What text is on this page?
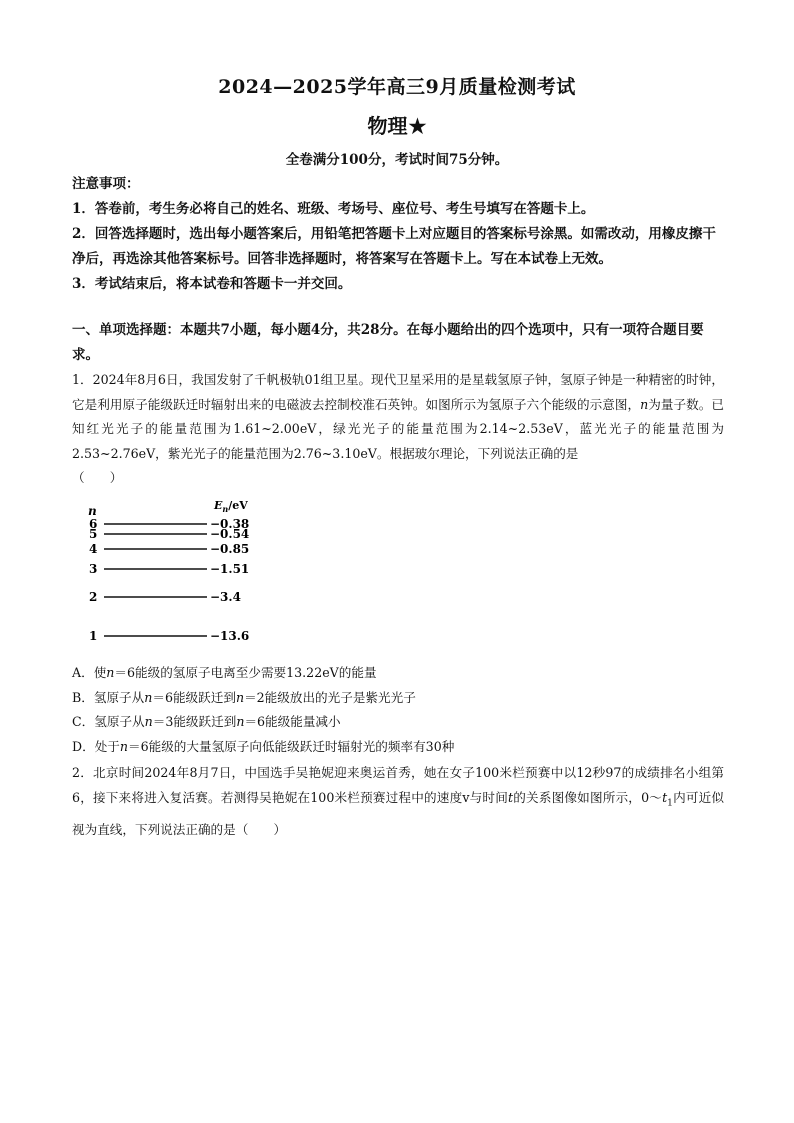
2024—2025学年高三9月质量检测考试
物理★
全卷满分100分，考试时间75分钟。
注意事项：
1．答卷前，考生务必将自己的姓名、班级、考场号、座位号、考生号填写在答题卡上。
2．回答选择题时，选出每小题答案后，用铅笔把答题卡上对应题目的答案标号涂黑。如需改动，用橡皮擦干净后，再选涂其他答案标号。回答非选择题时，将答案写在答题卡上。写在本试卷上无效。
3．考试结束后，将本试卷和答题卡一并交回。
一、单项选择题：本题共7小题，每小题4分，共28分。在每小题给出的四个选项中，只有一项符合题目要求。
1．2024年8月6日，我国发射了千帆极轨01组卫星。现代卫星采用的是星载氢原子钟，氢原子钟是一种精密的时钟，它是利用原子能级跃迁时辐射出来的电磁波去控制校准石英钟。如图所示为氢原子六个能级的示意图，n为量子数。已知红光光子的能量范围为1.61~2.00eV，绿光光子的能量范围为2.14~2.53eV，蓝光光子的能量范围为2.53~2.76eV，紫光光子的能量范围为2.76~3.10eV。根据玻尔理论，下列说法正确的是
（　　）
n	$E_n/eV$
6	−0.38
5	−0.54
4	−0.85
3	−1.51
2	−3.4
1	−13.6
A．使n＝6能级的氢原子电离至少需要13.22eV的能量
B．氢原子从n＝6能级跃迁到n＝2能级放出的光子是紫光光子
C．氢原子从n＝3能级跃迁到n＝6能级能量减小
D．处于n＝6能级的大量氢原子向低能级跃迁时辐射光的频率有30种
2．北京时间2024年8月7日，中国选手吴艳妮迎来奥运首秀，她在女子100米栏预赛中以12秒97的成绩排名小组第6，接下来将进入复活赛。若测得吴艳妮在100米栏预赛过程中的速度v与时间t的关系图像如图所示，$0\sim t_1$内可近似视为直线，下列说法正确的是（　　）
